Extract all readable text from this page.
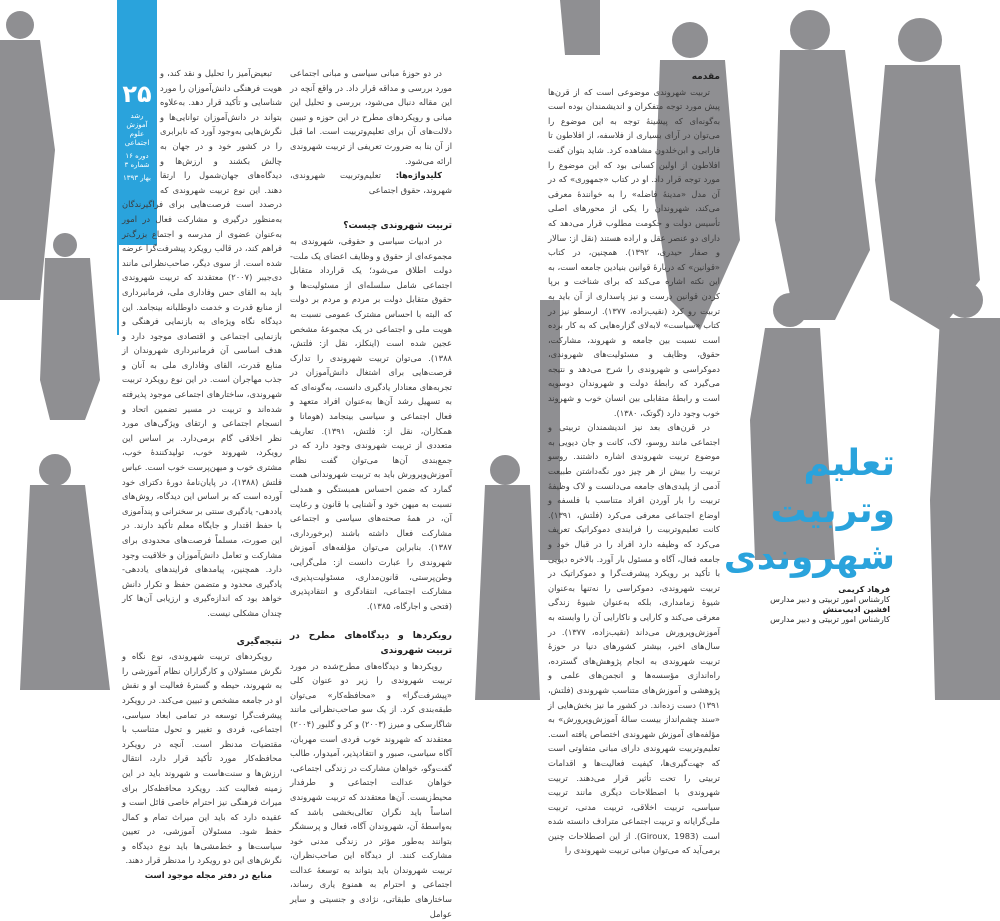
۲۵
رشد آموزش علوم اجتماعی
دوره ۱۶ شماره ۳
بهار ۱۳۹۳

تبعیض‌آمیز را تحلیل و نقد کند، و هویت فرهنگی دانش‌آموزان را مورد شناسایی و تأکید قرار دهد. به‌علاوه بتواند در دانش‌آموزان توانایی‌ها و نگرش‌هایی به‌وجود آورد که نابرابری را در کشور خود و در جهان به چالش بکشند و ارزش‌ها و دیدگاه‌های جهان‌شمول را ارتقا دهند. این نوع تربیت شهروندی که درصدد است فرصت‌هایی برای فراگیرندگان به‌منظور درگیری و مشارکت فعال در امور به‌عنوان عضوی از مدرسه و اجتماع بزرگ‌تر فراهم کند، در قالب رویکرد پیشرفت‌گرا عرضه شده است. از سوی دیگر، صاحب‌نظرانی مانند دی‌جیبر (۲۰۰۷) معتقدند که تربیت شهروندی باید به القای حس وفاداری ملی، فرمانبرداری از منابع قدرت و خدمت داوطلبانه بینجامد. این دیدگاه نگاه ویژه‌ای به بازنمایی فرهنگی و بازنمایی اجتماعی و اقتصادی موجود دارد و هدف اساسی آن فرمانبرداری شهروندان از منابع قدرت، القای وفاداری ملی به آنان و جذب مهاجران است. در این نوع رویکرد تربیت شهروندی، ساختارهای اجتماعی موجود پذیرفته شده‌اند و تربیت در مسیر تضمین اتحاد و انسجام اجتماعی و ارتقای ویژگی‌های مورد نظر اخلاقی گام برمی‌دارد. بر اساس این رویکرد، شهروند خوب، تولیدکنندهٔ خوب، مشتری خوب و میهن‌پرست خوب است. عباس فلتش (۱۳۸۸)، در پایان‌نامهٔ دورهٔ دکترای خود آورده است که بر اساس این دیدگاه، روش‌های یاددهی- یادگیری سنتی بر سخنرانی و پندآموزی با حفظ اقتدار و جایگاه معلم تأکید دارند. در این صورت، مسلماً فرصت‌های محدودی برای مشارکت و تعامل دانش‌آموزان و خلاقیت وجود دارد. همچنین، پیامدهای فرایندهای یاددهی- یادگیری محدود و متضمن حفظ و تکرار دانش خواهد بود که اندازه‌گیری و ارزیابی آن‌ها کار چندان مشکلی نیست.

نتیجه‌گیری

رویکردهای تربیت شهروندی، نوع نگاه و نگرش مسئولان و کارگزاران نظام آموزشی را به شهروند، حیطه و گسترهٔ فعالیت او و نقش او در جامعه مشخص و تبیین می‌کند. در رویکرد پیشرفت‌گرا توسعه در تمامی ابعاد سیاسی، اجتماعی، فردی و تغییر و تحول متناسب با مقتضیات مدنظر است. آنچه در رویکرد محافظه‌کار مورد تأکید قرار دارد، انتقال ارزش‌ها و سنت‌هاست و شهروند باید در این زمینه فعالیت کند. رویکرد محافظه‌کار برای میراث فرهنگی نیز احترام خاصی قائل است و عقیده دارد که باید این میراث تمام و کمال حفظ شود. مسئولان آموزشی، در تعیین سیاست‌ها و خط‌مشی‌ها باید نوع دیدگاه و نگرش‌های این دو رویکرد را مدنظر قرار دهند.

منابع در دفتر مجله موجود است

در دو حوزهٔ مبانی سیاسی و مبانی اجتماعی مورد بررسی و مداقه قرار داد. در واقع آنچه در این مقاله دنبال می‌شود، بررسی و تحلیل این مبانی و رویکردهای مطرح در این حوزه و تبیین دلالت‌های آن برای تعلیم‌وتربیت است. اما قبل از آن بنا به ضرورت تعریفی از تربیت شهروندی ارائه می‌شود.

کلیدواژه‌ها: تعلیم‌وتربیت شهروندی، شهروند، حقوق اجتماعی

تربیت شهروندی چیست؟

در ادبیات سیاسی و حقوقی، شهروندی به مجموعه‌ای از حقوق و وظایف اعضای یک ملت- دولت اطلاق می‌شود؛ یک قرارداد متقابل اجتماعی شامل سلسله‌ای از مسئولیت‌ها و حقوق متقابل دولت بر مردم و مردم بر دولت که البته با احساس مشترک عمومی نسبت به هویت ملی و اجتماعی در یک مجموعهٔ مشخص عجین شده است (اینکلز، نقل از: فلتش، ۱۳۸۸). می‌توان تربیت شهروندی را تدارک فرصت‌هایی برای اشتغال دانش‌آموزان در تجربه‌های معنادار یادگیری دانست، به‌گونه‌ای که به تسهیل رشد آن‌ها به‌عنوان افراد متعهد و فعال اجتماعی و سیاسی بینجامد (هومانا و همکاران، نقل از: فلتش، ۱۳۹۱). تعاریف متعددی از تربیت شهروندی وجود دارد که در جمع‌بندی آن‌ها می‌توان گفت نظام آموزش‌وپرورش باید به تربیت شهروندانی همت گمارد که ضمن احساس همبستگی و همدلی نسبت به میهن خود و آشنایی با قانون و رعایت آن، در همهٔ صحنه‌های سیاسی و اجتماعی مشارکت فعال داشته باشند (برخورداری، ۱۳۸۷). بنابراین می‌توان مؤلفه‌های آموزش شهروندی را عبارت دانست از: ملی‌گرایی، وطن‌پرستی، قانون‌مداری، مسئولیت‌پذیری، مشارکت اجتماعی، انتقادگری و انتقادپذیری (فتحی و اجارگاه، ۱۳۸۵).

رویکردها و دیدگاه‌های مطرح در تربیت شهروندی

رویکردها و دیدگاه‌های مطرح‌شده در مورد تربیت شهروندی را زیر دو عنوان کلی «پیشرفت‌گرا» و «محافظه‌کار» می‌توان طبقه‌بندی کرد. از یک سو صاحب‌نظرانی مانند شاگارسکی و میرز (۲۰۰۳) و کر و گلیور (۲۰۰۴) معتقدند که شهروند خوب فردی است مهربان، آگاه سیاسی، صبور و انتقادپذیر، آمیدوار، طالب گفت‌وگو، خواهان مشارکت در زندگی اجتماعی، خواهان عدالت اجتماعی و طرفدار محیط‌زیست. آن‌ها معتقدند که تربیت شهروندی اساساً باید نگران تعالی‌بخشی باشد که به‌واسطهٔ آن، شهروندان آگاه، فعال و پرسشگر بتوانند به‌طور مؤثر در زندگی مدنی خود مشارکت کنند. از دیدگاه این صاحب‌نظران، تربیت شهروندان باید بتواند به توسعهٔ عدالت اجتماعی و احترام به همنوع یاری رساند، ساختارهای طبقاتی، نژادی و جنسیتی و سایر عوامل

مقدمه

تربیت شهروندی موضوعی است که از قرن‌ها پیش مورد توجه متفکران و اندیشمندان بوده است به‌گونه‌ای که پیشینهٔ توجه به این موضوع را می‌توان در آرای بسیاری از فلاسفه، از افلاطون تا فارابی و ابن‌خلدون مشاهده کرد. شاید بتوان گفت افلاطون از اولین کسانی بود که این موضوع را مورد توجه قرار داد. او در کتاب «جمهوری» که در آن مدل «مدینهٔ فاضله» را به خوانندهٔ معرفی می‌کند، شهروندان را یکی از محورهای اصلی تأسیس دولت و حکومت مطلوب قرار می‌دهد که دارای دو عنصر عقل و اراده هستند (نقل از: سالار و صفار حیدری، ۱۳۹۲). همچنین، در کتاب «قوانین» که دربارهٔ قوانین بنیادین جامعه است، به این نکته اشاره می‌کند که برای شناخت و برپا کردن قوانین درست و نیز پاسداری از آن باید به تربیت رو کرد (نقیب‌زاده، ۱۳۷۷). ارسطو نیز در کتاب «سیاست» لابه‌لای گزاره‌هایی که به کار برده است نسبت بین جامعه و شهروند، مشارکت، حقوق، وظایف و مسئولیت‌های شهروندی، دموکراسی و شهروندی را شرح می‌دهد و نتیجه می‌گیرد که رابطهٔ دولت و شهروندان دوسویه است و رابطهٔ متقابلی بین انسان خوب و شهروند خوب وجود دارد (گوتک، ۱۳۸۰).

در قرن‌های بعد نیز اندیشمندان تربیتی و اجتماعی مانند روسو، لاک، کانت و جان دیویی به موضوع تربیت شهروندی اشاره داشتند. روسو تربیت را بیش از هر چیز دور نگه‌داشتن طبیعت آدمی از پلیدی‌های جامعه می‌دانست و لاک وظیفهٔ تربیت را بار آوردن افراد متناسب با فلسفه و اوضاع اجتماعی معرفی می‌کرد (فلتش، ۱۳۹۱). کانت تعلیم‌وتربیت را فرایندی دموکراتیک تعریف می‌کرد که وظیفه دارد افراد را در قبال خود و جامعه فعال، آگاه و مسئول بار آورد. بالاخره دیویی با تأکید بر رویکرد پیشرفت‌گرا و دموکراتیک در تربیت شهروندی، دموکراسی را نه‌تنها به‌عنوان شیوهٔ زمامداری، بلکه به‌عنوان شیوهٔ زندگی معرفی می‌کند و کارایی و ناکارایی آن را وابسته به آموزش‌وپرورش می‌داند (نقیب‌زاده، ۱۳۷۷). در سال‌های اخیر، بیشتر کشورهای دنیا در حوزهٔ تربیت شهروندی به انجام پژوهش‌های گسترده، راه‌اندازی مؤسسه‌ها و انجمن‌های علمی و پژوهشی و آموزش‌های متناسب شهروندی (فلتش، ۱۳۹۱) دست زده‌اند. در کشور ما نیز بخش‌هایی از «سند چشم‌انداز بیست سالهٔ آموزش‌وپرورش» به مؤلفه‌های آموزش شهروندی اختصاص یافته است. تعلیم‌وتربیت شهروندی دارای مبانی متفاوتی است که جهت‌گیری‌ها، کیفیت فعالیت‌ها و اقدامات تربیتی را تحت تأثیر قرار می‌دهند. تربیت شهروندی با اصطلاحات دیگری مانند تربیت سیاسی، تربیت اخلاقی، تربیت مدنی، تربیت ملی‌گرایانه و تربیت اجتماعی مترادف دانسته شده است (Giroux, 1983). از این اصطلاحات چنین برمی‌آید که می‌توان مبانی تربیت شهروندی را

تعلیم
وتربیت
شهروندی
فرهاد کریمی
کارشناس امور تربیتی و دبیر مدارس
افشین ادیب‌منش
کارشناس امور تربیتی و دبیر مدارس
